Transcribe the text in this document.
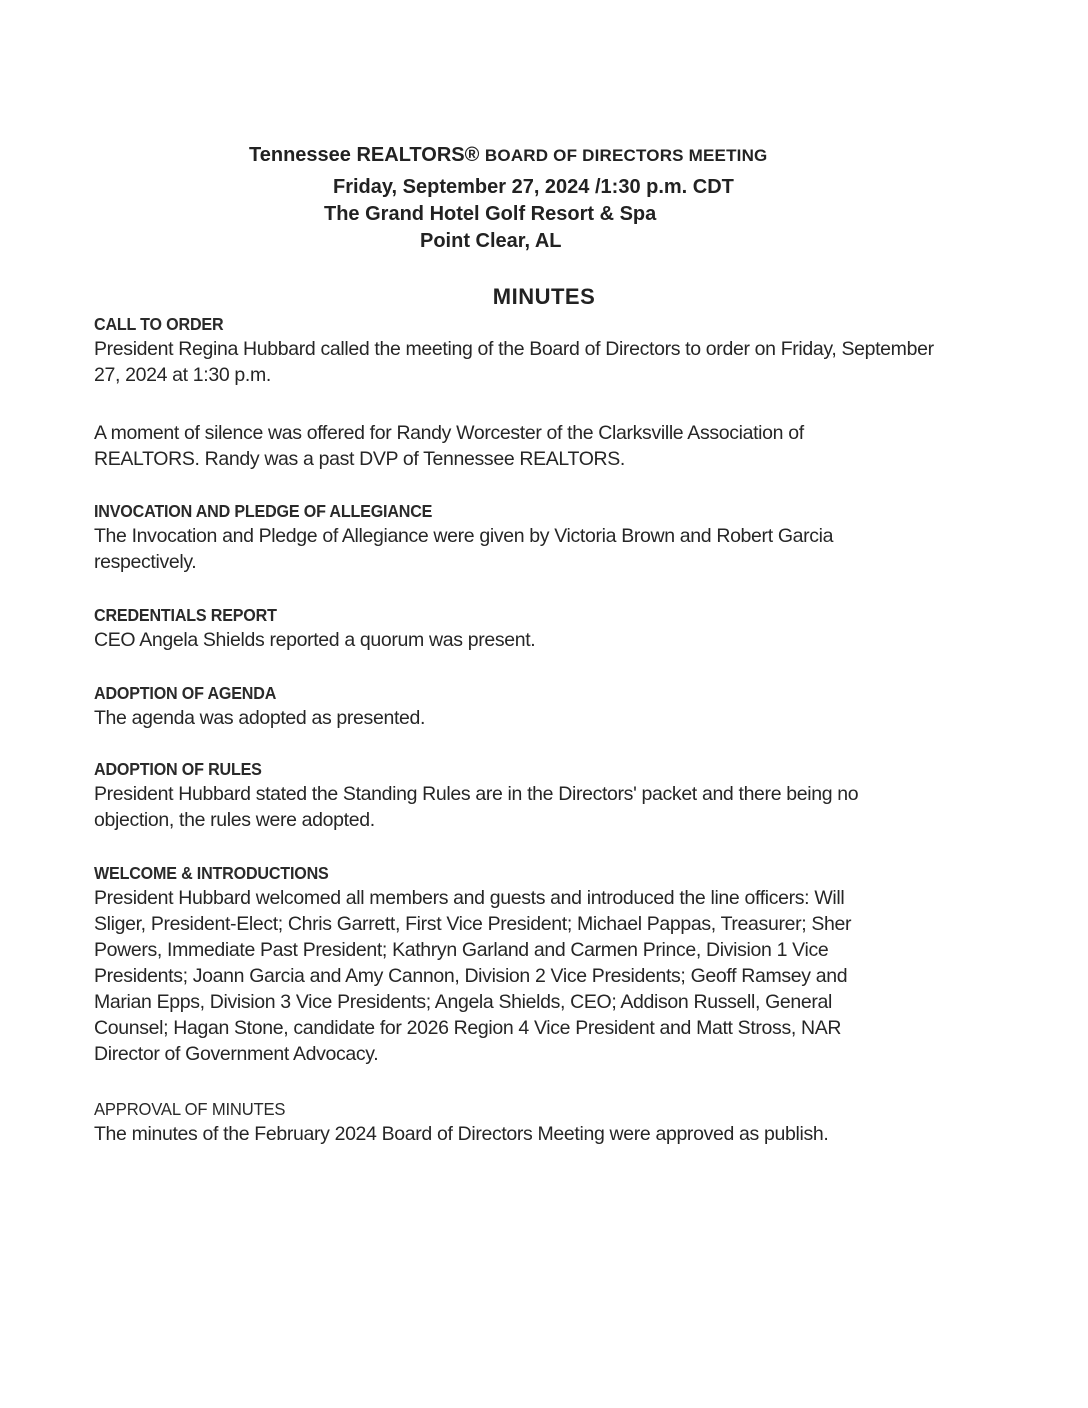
Tennessee REALTORS® BOARD OF DIRECTORS MEETING
Friday, September 27, 2024 /1:30 p.m. CDT
The Grand Hotel Golf Resort & Spa
Point Clear, AL
MINUTES
CALL TO ORDER

President Regina Hubbard called the meeting of the Board of Directors to order on Friday, September
27, 2024 at 1:30 p.m.

A moment of silence was offered for Randy Worcester of the Clarksville Association of
REALTORS. Randy was a past DVP of Tennessee REALTORS.

INVOCATION AND PLEDGE OF ALLEGIANCE

The Invocation and Pledge of Allegiance were given by Victoria Brown and Robert Garcia
respectively.

CREDENTIALS REPORT

CEO Angela Shields reported a quorum was present.

ADOPTION OF AGENDA

The agenda was adopted as presented.

ADOPTION OF RULES

President Hubbard stated the Standing Rules are in the Directors' packet and there being no
objection, the rules were adopted.

WELCOME & INTRODUCTIONS

President Hubbard welcomed all members and guests and introduced the line officers: Will
Sliger, President-Elect; Chris Garrett, First Vice President; Michael Pappas, Treasurer; Sher
Powers, Immediate Past President; Kathryn Garland and Carmen Prince, Division 1 Vice
Presidents; Joann Garcia and Amy Cannon, Division 2 Vice Presidents; Geoff Ramsey and
Marian Epps, Division 3 Vice Presidents; Angela Shields, CEO; Addison Russell, General
Counsel; Hagan Stone, candidate for 2026 Region 4 Vice President and Matt Stross, NAR
Director of Government Advocacy.

APPROVAL OF MINUTES

The minutes of the February 2024 Board of Directors Meeting were approved as publish.
